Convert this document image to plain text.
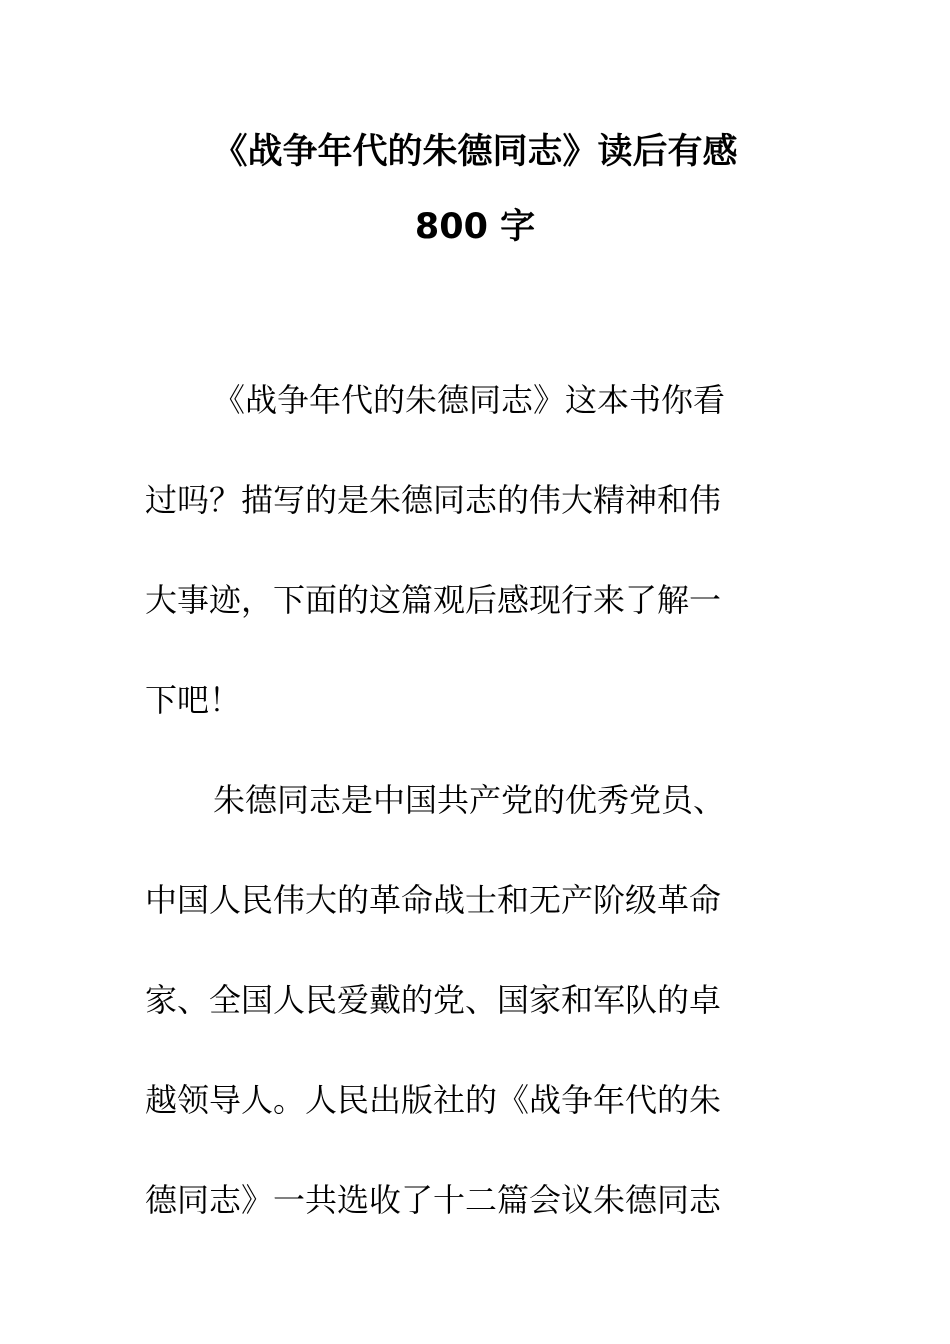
《战争年代的朱德同志》读后有感
800 字
《战争年代的朱德同志》这本书你看
过吗？描写的是朱德同志的伟大精神和伟
大事迹，下面的这篇观后感现行来了解一
下吧！
朱德同志是中国共产党的优秀党员、
中国人民伟大的革命战士和无产阶级革命
家、全国人民爱戴的党、国家和军队的卓
越领导人。人民出版社的《战争年代的朱
德同志》一共选收了十二篇会议朱德同志
